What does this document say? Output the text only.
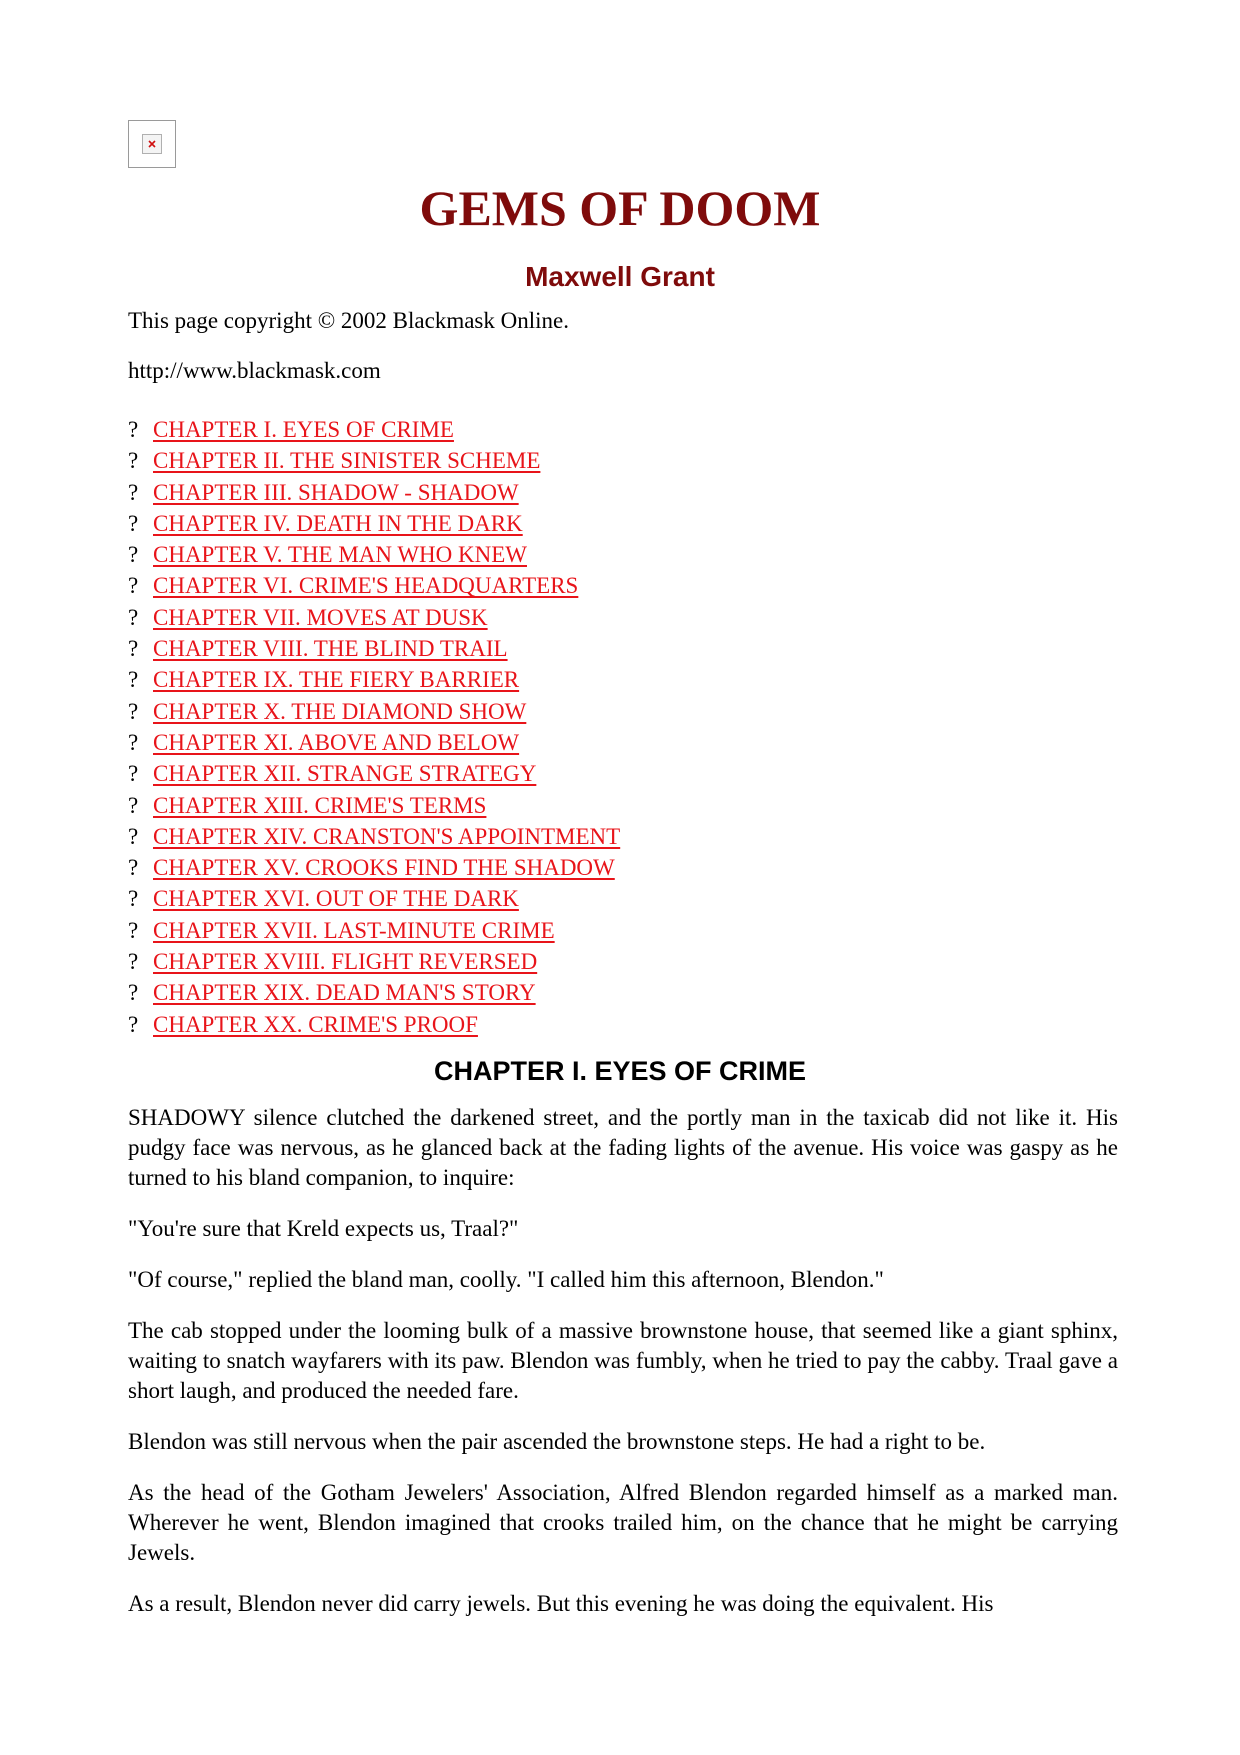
GEMS OF DOOM
Maxwell Grant

This page copyright © 2002 Blackmask Online.

http://www.blackmask.com

? CHAPTER I. EYES OF CRIME
? CHAPTER II. THE SINISTER SCHEME
? CHAPTER III. SHADOW - SHADOW
? CHAPTER IV. DEATH IN THE DARK
? CHAPTER V. THE MAN WHO KNEW
? CHAPTER VI. CRIME'S HEADQUARTERS
? CHAPTER VII. MOVES AT DUSK
? CHAPTER VIII. THE BLIND TRAIL
? CHAPTER IX. THE FIERY BARRIER
? CHAPTER X. THE DIAMOND SHOW
? CHAPTER XI. ABOVE AND BELOW
? CHAPTER XII. STRANGE STRATEGY
? CHAPTER XIII. CRIME'S TERMS
? CHAPTER XIV. CRANSTON'S APPOINTMENT
? CHAPTER XV. CROOKS FIND THE SHADOW
? CHAPTER XVI. OUT OF THE DARK
? CHAPTER XVII. LAST-MINUTE CRIME
? CHAPTER XVIII. FLIGHT REVERSED
? CHAPTER XIX. DEAD MAN'S STORY
? CHAPTER XX. CRIME'S PROOF
CHAPTER I. EYES OF CRIME

SHADOWY silence clutched the darkened street, and the portly man in the taxicab did not like it. His pudgy face was nervous, as he glanced back at the fading lights of the avenue. His voice was gaspy as he turned to his bland companion, to inquire:

"You're sure that Kreld expects us, Traal?"

"Of course," replied the bland man, coolly. "I called him this afternoon, Blendon."

The cab stopped under the looming bulk of a massive brownstone house, that seemed like a giant sphinx, waiting to snatch wayfarers with its paw. Blendon was fumbly, when he tried to pay the cabby. Traal gave a short laugh, and produced the needed fare.

Blendon was still nervous when the pair ascended the brownstone steps. He had a right to be.

As the head of the Gotham Jewelers' Association, Alfred Blendon regarded himself as a marked man. Wherever he went, Blendon imagined that crooks trailed him, on the chance that he might be carrying Jewels.

As a result, Blendon never did carry jewels. But this evening he was doing the equivalent. His
